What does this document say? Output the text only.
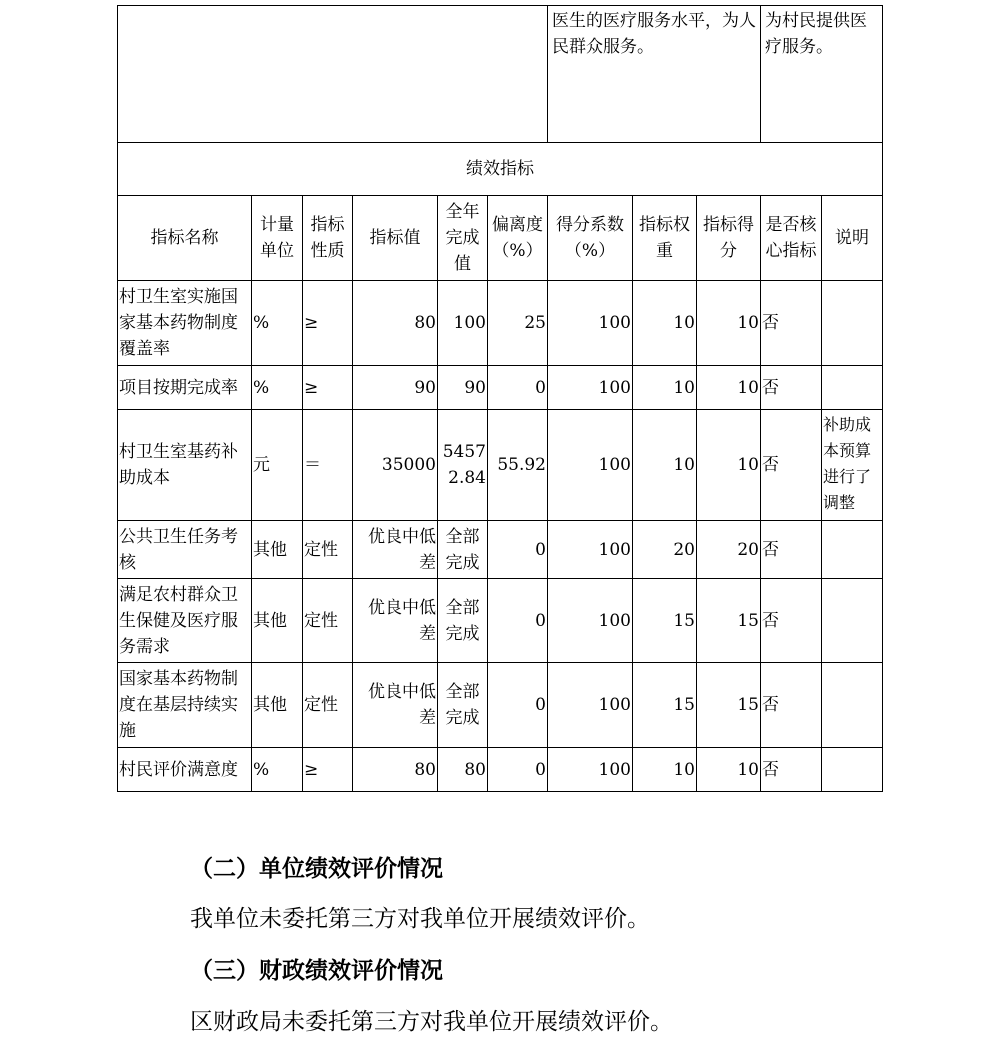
						医生的医疗服务水平，为人民群众服务。			为村民提供医疗服务。	
绩效指标										
指标名称	计量单位	指标性质	指标值	全年完成值	偏离度（%）	得分系数（%）	指标权重	指标得分	是否核心指标	说明
村卫生室实施国家基本药物制度覆盖率	%	≥	80	100	25	100	10	10	否	
项目按期完成率	%	≥	90	90	0	100	10	10	否	
村卫生室基药补助成本	元	＝	35000	54572.84	55.92	100	10	10	否	补助成本预算进行了调整
公共卫生任务考核	其他	定性	优良中低差	全部完成	0	100	20	20	否	
满足农村群众卫生保健及医疗服务需求	其他	定性	优良中低差	全部完成	0	100	15	15	否	
国家基本药物制度在基层持续实施	其他	定性	优良中低差	全部完成	0	100	15	15	否	
村民评价满意度	%	≥	80	80	0	100	10	10	否	
（二）单位绩效评价情况
我单位未委托第三方对我单位开展绩效评价。
（三）财政绩效评价情况
区财政局未委托第三方对我单位开展绩效评价。
